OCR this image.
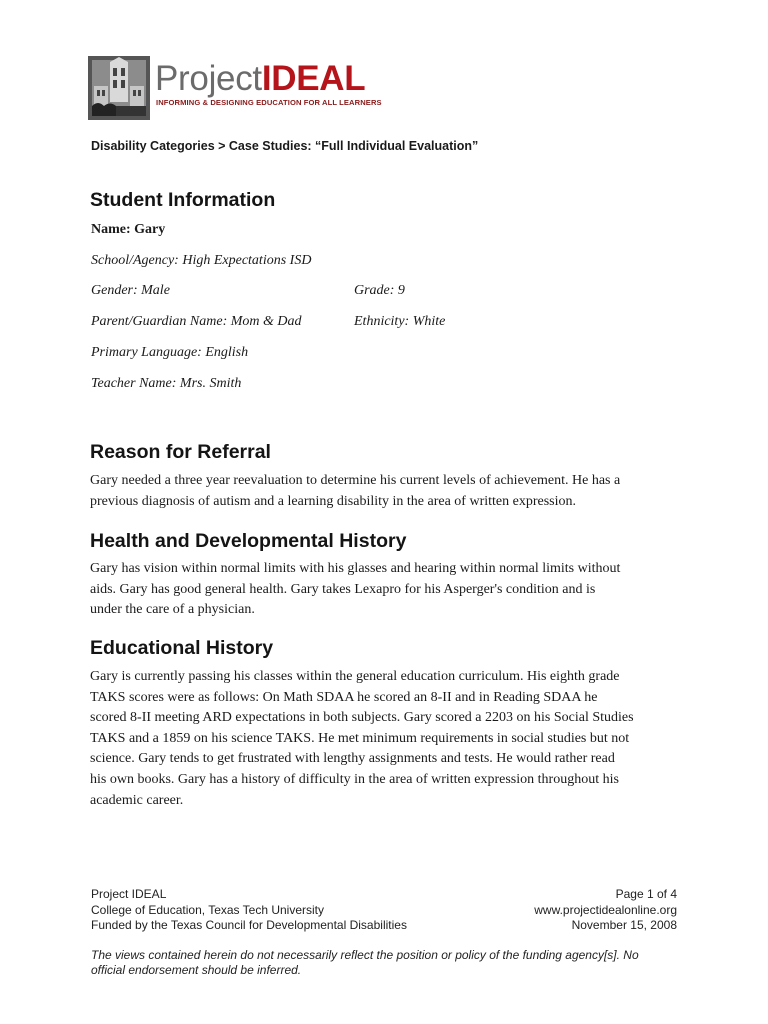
ProjectIDEAL
INFORMING & DESIGNING EDUCATION FOR ALL LEARNERS
Disability Categories > Case Studies: “Full Individual Evaluation”
Student Information
Name: Gary
School/Agency: High Expectations ISD
Gender: Male	Grade: 9
Parent/Guardian Name: Mom & Dad	Ethnicity: White
Primary Language: English
Teacher Name: Mrs. Smith
Reason for Referral
Gary needed a three year reevaluation to determine his current levels of achievement. He has a
previous diagnosis of autism and a learning disability in the area of written expression.
Health and Developmental History
Gary has vision within normal limits with his glasses and hearing within normal limits without
aids. Gary has good general health. Gary takes Lexapro for his Asperger's condition and is
under the care of a physician.
Educational History
Gary is currently passing his classes within the general education curriculum. His eighth grade
TAKS scores were as follows: On Math SDAA he scored an 8-II and in Reading SDAA he
scored 8-II meeting ARD expectations in both subjects. Gary scored a 2203 on his Social Studies
TAKS and a 1859 on his science TAKS. He met minimum requirements in social studies but not
science. Gary tends to get frustrated with lengthy assignments and tests. He would rather read
his own books. Gary has a history of difficulty in the area of written expression throughout his
academic career.
Project IDEAL
College of Education, Texas Tech University
Funded by the Texas Council for Developmental Disabilities
Page 1 of 4
www.projectidealonline.org
November 15, 2008
The views contained herein do not necessarily reflect the position or policy of the funding agency[s]. No
official endorsement should be inferred.
